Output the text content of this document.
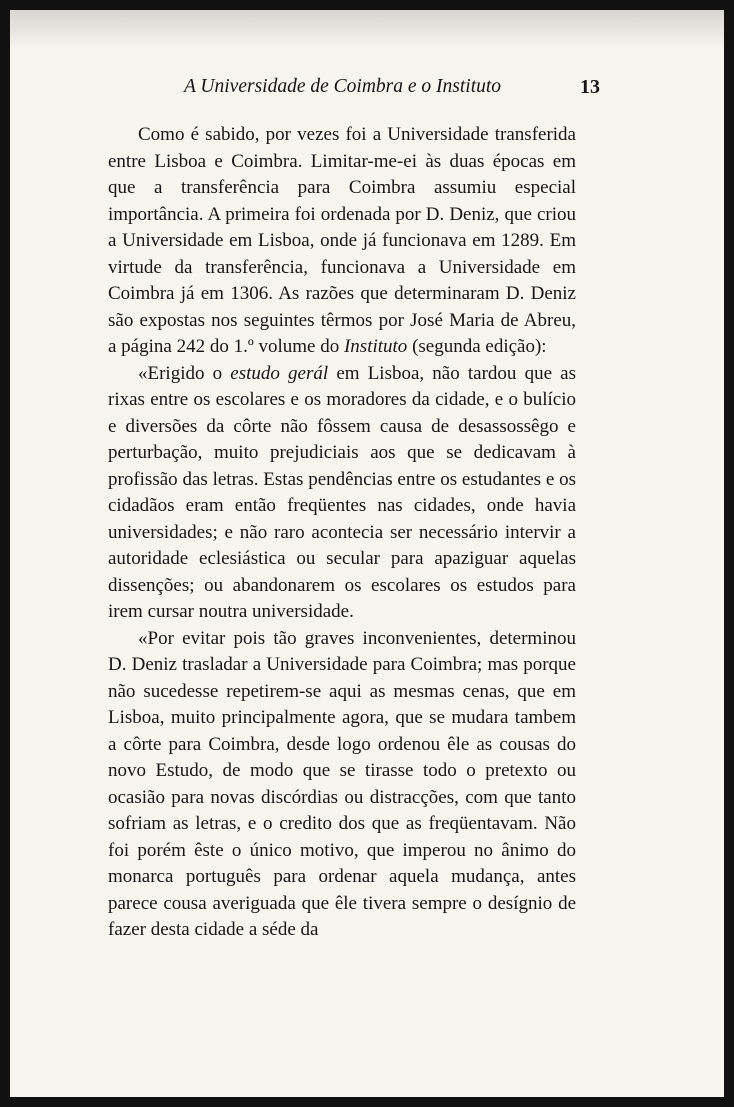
A Universidade de Coimbra e o Instituto	13

Como é sabido, por vezes foi a Universidade transferida entre Lisboa e Coimbra. Limitar-me-ei às duas épocas em que a transferência para Coimbra assumiu especial importância. A primeira foi ordenada por D. Deniz, que criou a Universidade em Lisboa, onde já funcionava em 1289. Em virtude da transferência, funcionava a Universidade em Coimbra já em 1306. As razões que determinaram D. Deniz são expostas nos seguintes têrmos por José Maria de Abreu, a página 242 do 1.º volume do Instituto (segunda edição):

«Erigido o estudo gerál em Lisboa, não tardou que as rixas entre os escolares e os moradores da cidade, e o bulício e diversões da côrte não fôssem causa de desassossêgo e perturbação, muito prejudiciais aos que se dedicavam à profissão das letras. Estas pendências entre os estudantes e os cidadãos eram então freqüentes nas cidades, onde havia universidades; e não raro acontecia ser necessário intervir a autoridade eclesiástica ou secular para apaziguar aquelas dissenções; ou abandonarem os escolares os estudos para irem cursar noutra universidade.

«Por evitar pois tão graves inconvenientes, determinou D. Deniz trasladar a Universidade para Coimbra; mas porque não sucedesse repetirem-se aqui as mesmas cenas, que em Lisboa, muito principalmente agora, que se mudara tambem a côrte para Coimbra, desde logo ordenou êle as cousas do novo Estudo, de modo que se tirasse todo o pretexto ou ocasião para novas discórdias ou distracções, com que tanto sofriam as letras, e o credito dos que as freqüentavam. Não foi porém êste o único motivo, que imperou no ânimo do monarca português para ordenar aquela mudança, antes parece cousa averiguada que êle tivera sempre o desígnio de fazer desta cidade a séde da
